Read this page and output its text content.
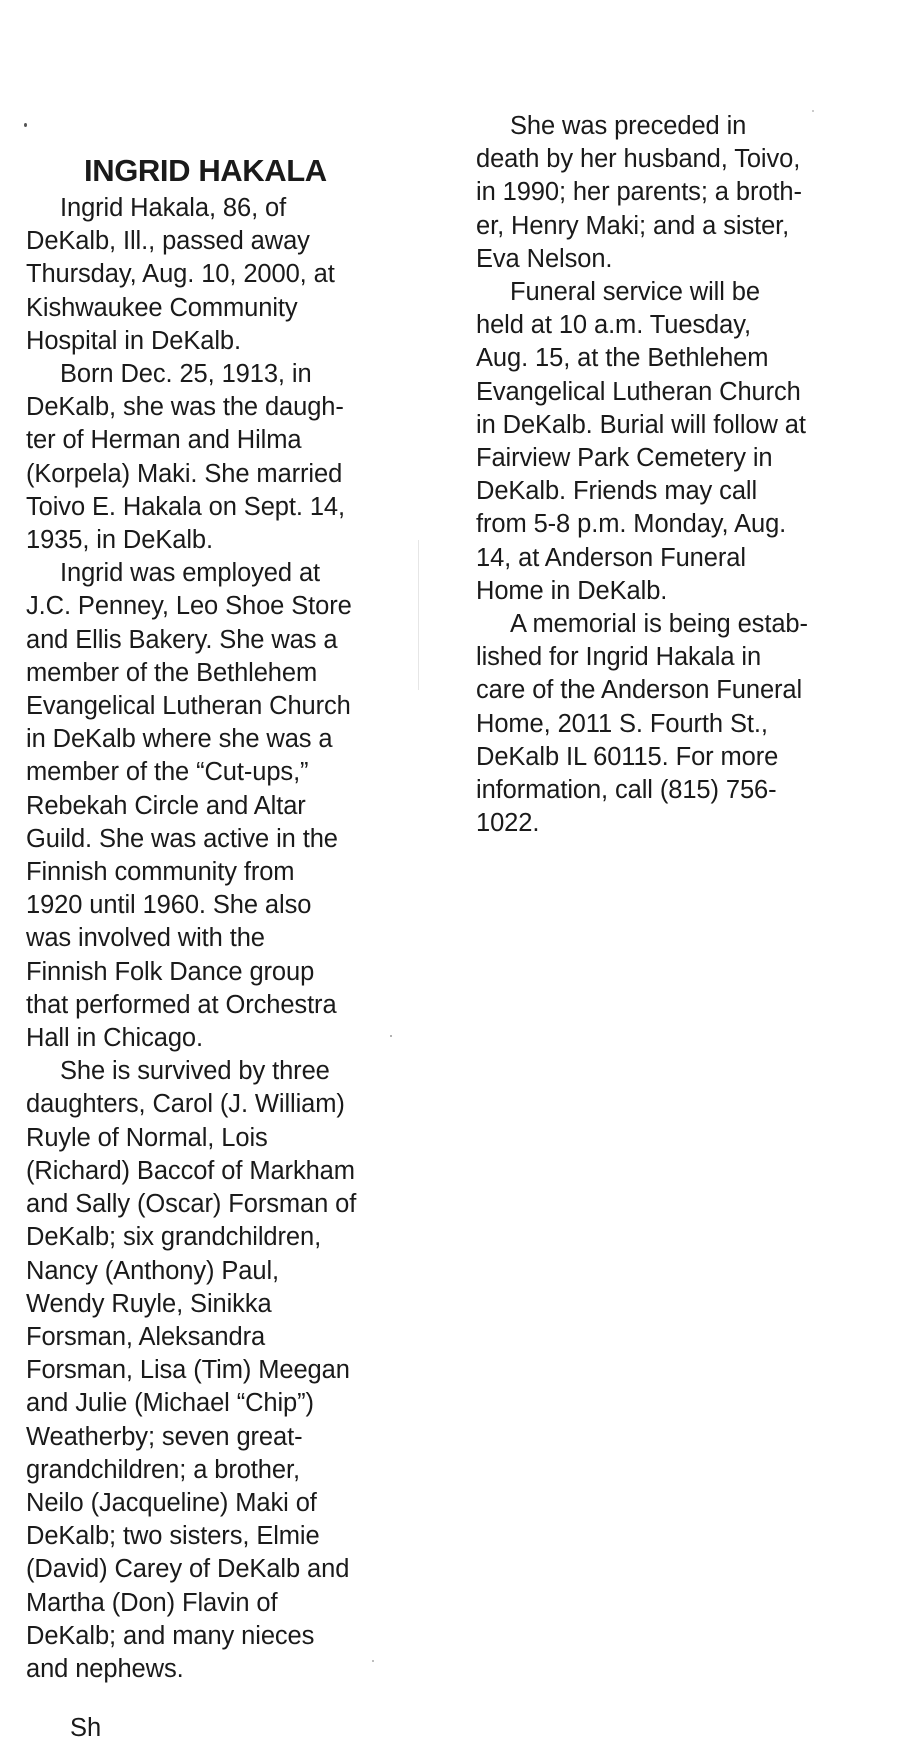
INGRID HAKALA
Ingrid Hakala, 86, of
DeKalb, Ill., passed away
Thursday, Aug. 10, 2000, at
Kishwaukee Community
Hospital in DeKalb.
Born Dec. 25, 1913, in
DeKalb, she was the daugh-
ter of Herman and Hilma
(Korpela) Maki. She married
Toivo E. Hakala on Sept. 14,
1935, in DeKalb.
Ingrid was employed at
J.C. Penney, Leo Shoe Store
and Ellis Bakery. She was a
member of the Bethlehem
Evangelical Lutheran Church
in DeKalb where she was a
member of the “Cut-ups,”
Rebekah Circle and Altar
Guild. She was active in the
Finnish community from
1920 until 1960. She also
was involved with the
Finnish Folk Dance group
that performed at Orchestra
Hall in Chicago.
She is survived by three
daughters, Carol (J. William)
Ruyle of Normal, Lois
(Richard) Baccof of Markham
and Sally (Oscar) Forsman of
DeKalb; six grandchildren,
Nancy (Anthony) Paul,
Wendy Ruyle, Sinikka
Forsman, Aleksandra
Forsman, Lisa (Tim) Meegan
and Julie (Michael “Chip”)
Weatherby; seven great-
grandchildren; a brother,
Neilo (Jacqueline) Maki of
DeKalb; two sisters, Elmie
(David) Carey of DeKalb and
Martha (Don) Flavin of
DeKalb; and many nieces
and nephews.
She was preceded in
death by her husband, Toivo,
in 1990; her parents; a broth-
er, Henry Maki; and a sister,
Eva Nelson.
Funeral service will be
held at 10 a.m. Tuesday,
Aug. 15, at the Bethlehem
Evangelical Lutheran Church
in DeKalb. Burial will follow at
Fairview Park Cemetery in
DeKalb. Friends may call
from 5-8 p.m. Monday, Aug.
14, at Anderson Funeral
Home in DeKalb.
A memorial is being estab-
lished for Ingrid Hakala in
care of the Anderson Funeral
Home, 2011 S. Fourth St.,
DeKalb IL 60115. For more
information, call (815) 756-
1022.
Sh
